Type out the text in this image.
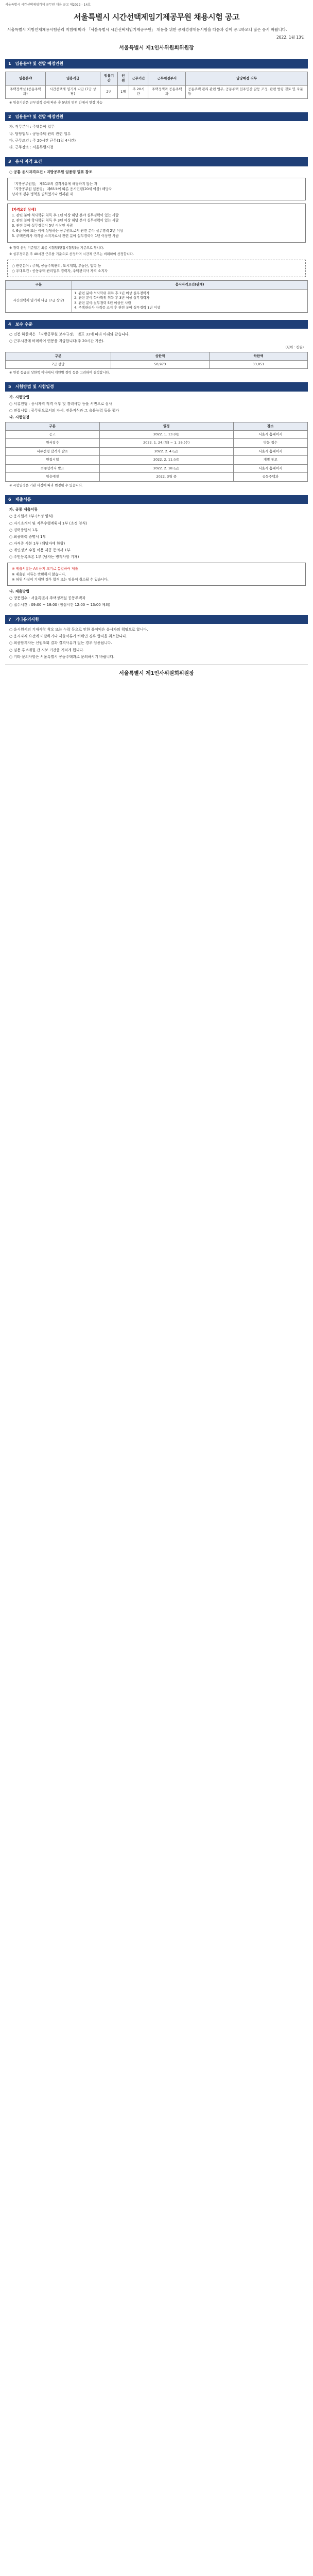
서울특별시 시간선택제임기제 공무원 채용 공고 제2022 - 14호
서울특별시 시간선택제임기제공무원 채용시험 공고
서울특별시 지방인재채용시험관리 지침에 따라 「서울특별시 시간선택제임기제공무원」 채용을 위한 공개경쟁채용시험을 다음과 같이 공고하오니 많은 응시 바랍니다.
2022. 1월 13일
서울특별시 제1인사위원회위원장
1	임용분야 및 선발 예정인원
임용분야	임용직급	임용기간	인원	근무기간	근무예정부서	담당예정 직무
주택정책실 (공동주택과)	시간선택제 임기제 나급 (7급 상당)	2년	1명	주 20시간	주택정책과 공동주택과	공동주택 관리 관련 업무, 공동주택 입주민간 갈등 조정, 관련 법령 검토 및 자문 등
※ 임용기간은 근무실적 등에 따라 총 5년의 범위 안에서 연장 가능
2	임용분야 및 선발 예정인원
가. 직무분야 : 주택분야 업무
나. 담당업무 : 공동주택 관리 관련 업무
다. 근무조건 : 주 20시간 근무(1일 4시간)
라. 근무장소 : 서울특별시청
3	응시 자격 요건
○ 공통 응시자격요건 : 지방공무원 임용령 별표 참조
「지방공무원법」 제31조의 결격사유에 해당하지 않는 자
「지방공무원 임용령」 제65조에 따른 응시연령(20세 이상) 해당자
남자의 경우 병역을 필하였거나 면제된 자
[자격요건 상세]
1. 관련 분야 석사학위 취득 후 1년 이상 해당 분야 실무경력이 있는 사람
2. 관련 분야 학사학위 취득 후 3년 이상 해당 분야 실무경력이 있는 사람
3. 관련 분야 실무경력이 5년 이상인 사람
4. 6급 이하 또는 이에 상당하는 공무원으로서 관련 분야 실무경력 2년 이상
5. 주택관리사 자격증 소지자로서 관련 분야 실무경력이 1년 이상인 사람
※ 경력 산정 기준일은 최종 시험일(면접시험일)을 기준으로 합니다.
※ 실무경력은 주 40시간 근무를 기준으로 산정하며 시간제 근무는 비례하여 산정합니다.
○ 관련분야 : 주택, 공동주택관리, 도시계획, 부동산, 법학 등
○ 우대요건 : 공동주택 관리업무 경력자, 주택관리사 자격 소지자
구분	응시자격요건(관계)
시간선택제 임기제 나급 (7급 상당)	1. 관련 분야 석사학위 취득 후 1년 이상 실무경력자
2. 관련 분야 학사학위 취득 후 3년 이상 실무경력자
3. 관련 분야 실무경력 5년 이상인 사람
4. 주택관리사 자격증 소지 후 관련 분야 실무경력 1년 이상
4	보수 수준
○ 연봉 하한액은 「지방공무원 보수규정」 별표 33에 따라 아래와 같습니다.
○ 근무시간에 비례하여 연봉을 지급합니다(주 20시간 기준).
(단위 : 천원)
구분	상한액	하한액
7급 상당	50,973	33,851
※ 연봉 등급별 상한액 이내에서 개인별 경력 등을 고려하여 결정합니다.
5	시험방법 및 시험일정
가. 시험방법
○ 서류전형 : 응시자격 적격 여부 및 경력사항 등을 서면으로 심사
○ 면접시험 : 공무원으로서의 자세, 전문지식과 그 응용능력 등을 평가
나. 시험일정
구분	일정	장소
공고	2022. 1. 13.(목)	서울시 홈페이지
원서접수	2022. 1. 24.(월) ~ 1. 26.(수)	방문 접수
서류전형 합격자 발표	2022. 2. 4.(금)	서울시 홈페이지
면접시험	2022. 2. 11.(금)	개별 통보
최종합격자 발표	2022. 2. 18.(금)	서울시 홈페이지
임용예정	2022. 3월 중	공동주택과
※ 시험일정은 기관 사정에 따라 변경될 수 있습니다.
6	제출서류
가. 공통 제출서류
○ 응시원서 1부 (소정 양식)
○ 자기소개서 및 직무수행계획서 1부 (소정 양식)
○ 경력증명서 1부
○ 최종학력 증명서 1부
○ 자격증 사본 1부 (해당자에 한함)
○ 개인정보 수집 이용 제공 동의서 1부
○ 주민등록초본 1부 (남자는 병적사항 기재)
※ 제출서류는 A4 용지 크기로 통일하여 제출
※ 제출된 서류는 반환하지 않습니다.
※ 허위 사실이 기재된 경우 합격 또는 임용이 취소될 수 있습니다.
나. 제출방법
○ 방문접수 : 서울특별시 주택정책실 공동주택과
○ 접수시간 : 09:00 ~ 18:00 (점심시간 12:00 ~ 13:00 제외)
7	기타유의사항
○ 응시원서의 기재사항 착오 또는 누락 등으로 인한 불이익은 응시자의 책임으로 합니다.
○ 응시자격 요건에 미달하거나 제출서류가 허위인 경우 합격을 취소합니다.
○ 최종합격자는 신원조회 결과 결격사유가 없는 경우 임용됩니다.
○ 임용 후 6개월 간 시보 기간을 거치게 됩니다.
○ 기타 문의사항은 서울특별시 공동주택과로 문의하시기 바랍니다.
서울특별시 제1인사위원회위원장
